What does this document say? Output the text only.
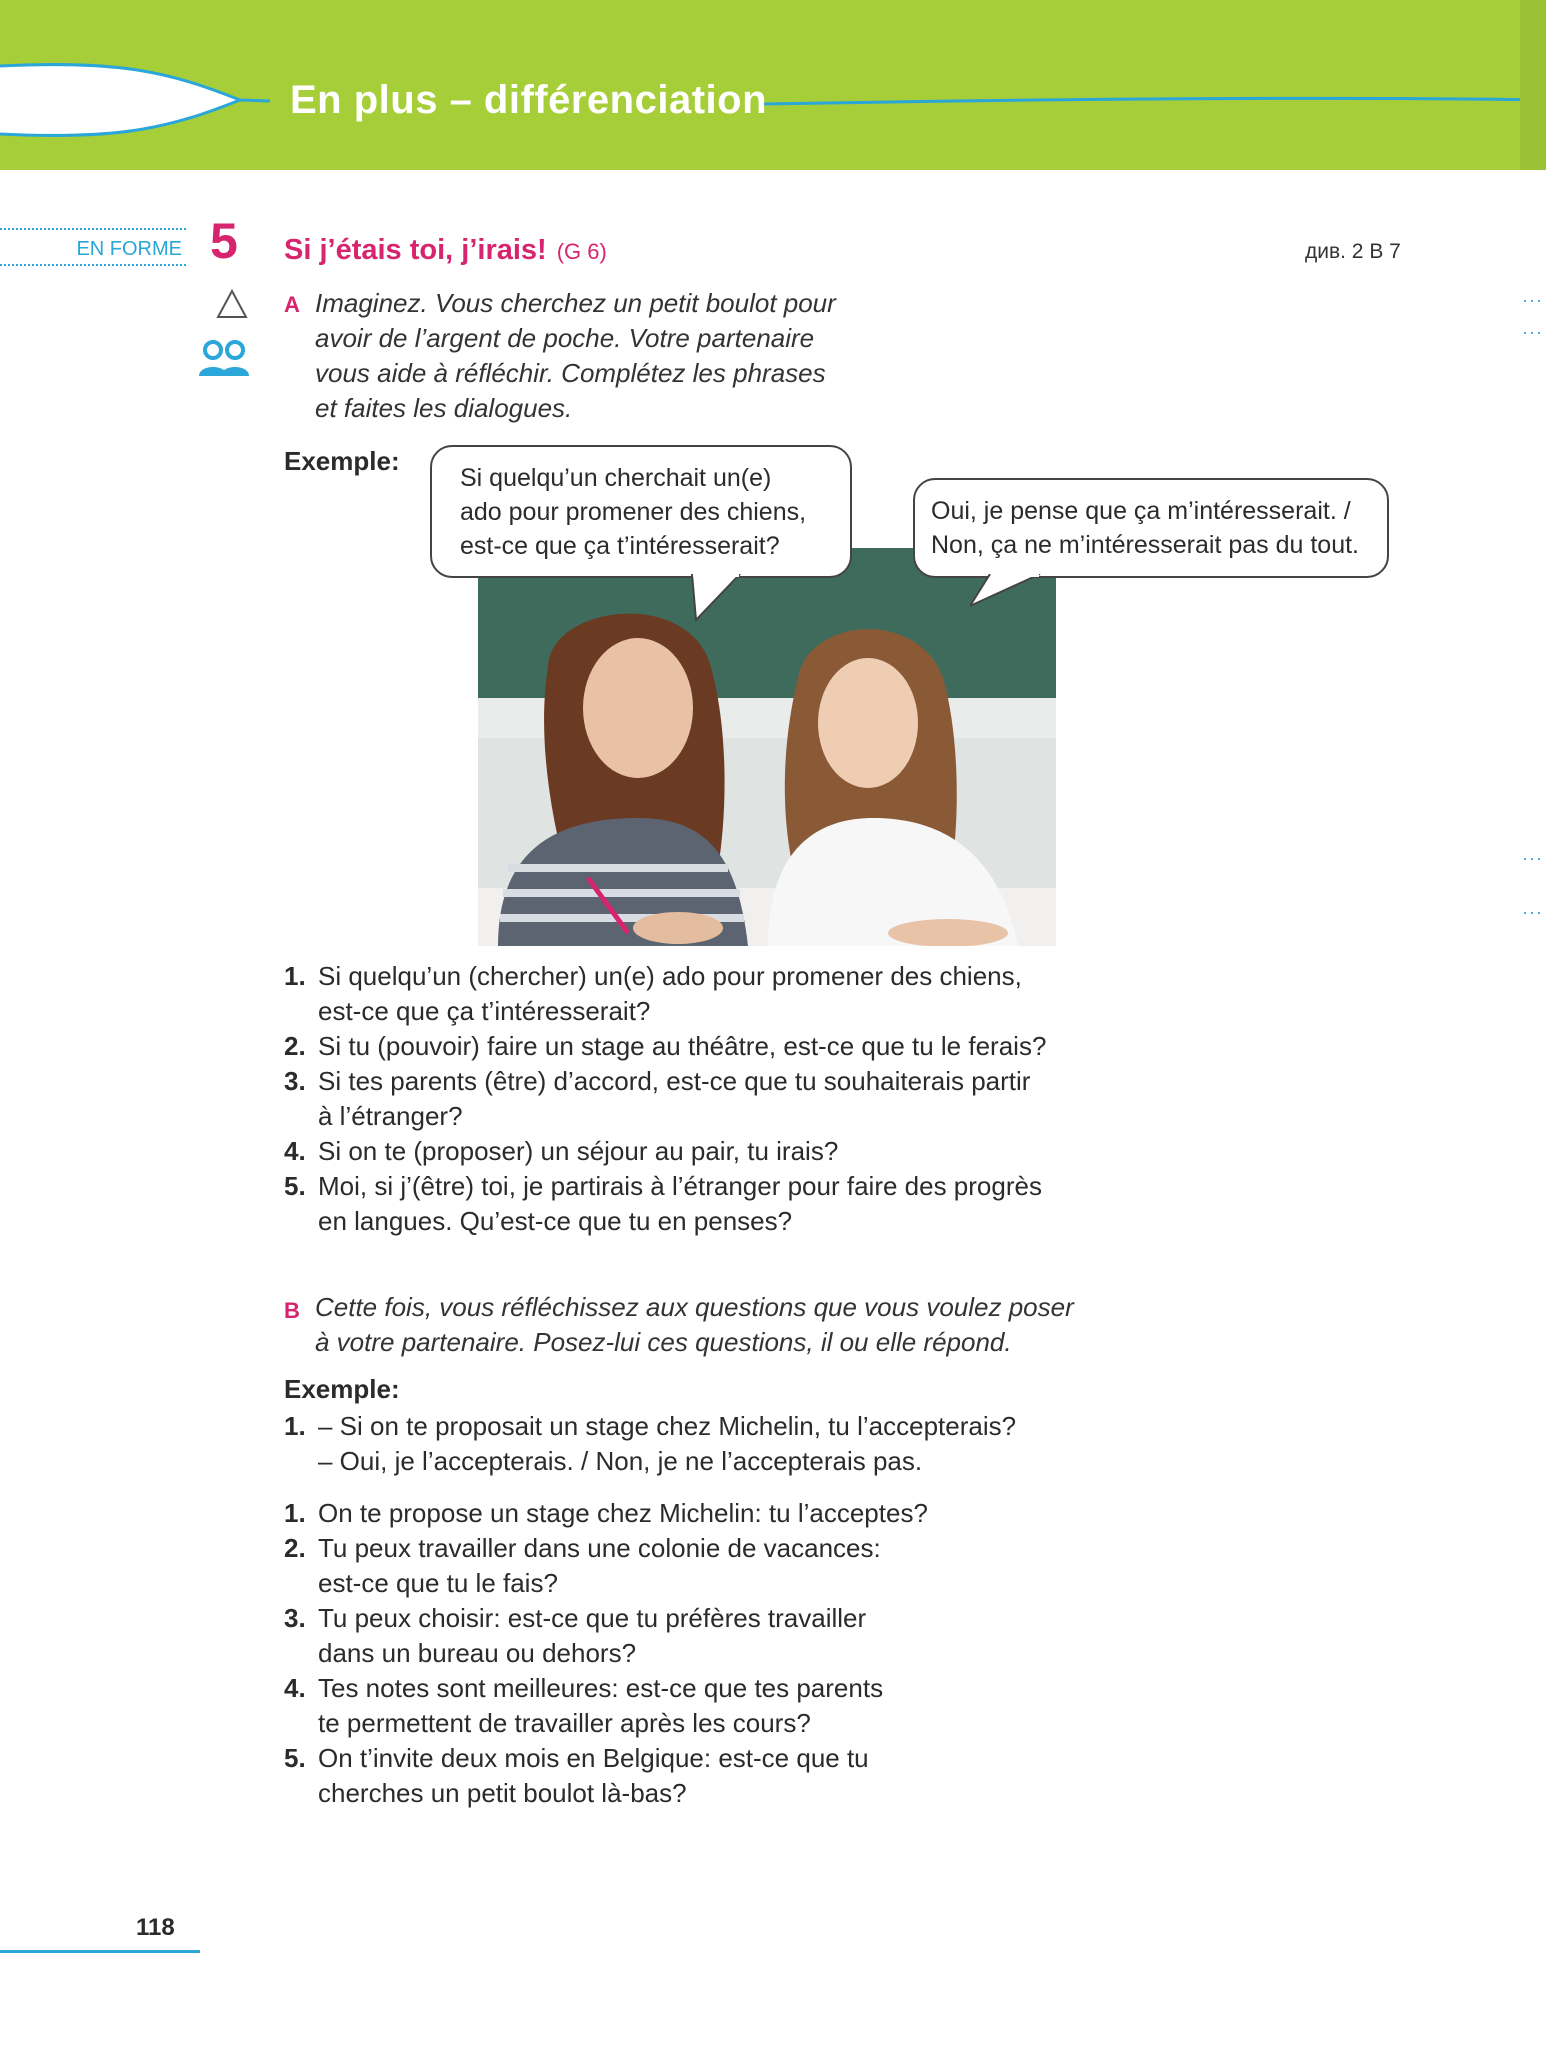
En plus – différenciation
EN FORME 5 Si j’étais toi, j’irais! (G 6)	див. 2 B 7
A Imaginez. Vous cherchez un petit boulot pour
avoir de l’argent de poche. Votre partenaire
vous aide à réfléchir. Complétez les phrases
et faites les dialogues.
Exemple:
Si quelqu’un cherchait un(e)
ado pour promener des chiens,
est-ce que ça t’intéresserait?
Oui, je pense que ça m’intéresserait. /
Non, ça ne m’intéresserait pas du tout.
1. Si quelqu’un (chercher) un(e) ado pour promener des chiens,
est-ce que ça t’intéresserait?
2. Si tu (pouvoir) faire un stage au théâtre, est-ce que tu le ferais?
3. Si tes parents (être) d’accord, est-ce que tu souhaiterais partir
à l’étranger?
4. Si on te (proposer) un séjour au pair, tu irais?
5. Moi, si j’(être) toi, je partirais à l’étranger pour faire des progrès
en langues. Qu’est-ce que tu en penses?
B Cette fois, vous réfléchissez aux questions que vous voulez poser
à votre partenaire. Posez-lui ces questions, il ou elle répond.
Exemple:
1. – Si on te proposait un stage chez Michelin, tu l’accepterais?
– Oui, je l’accepterais. / Non, je ne l’accepterais pas.
1. On te propose un stage chez Michelin: tu l’acceptes?
2. Tu peux travailler dans une colonie de vacances:
est-ce que tu le fais?
3. Tu peux choisir: est-ce que tu préfères travailler
dans un bureau ou dehors?
4. Tes notes sont meilleures: est-ce que tes parents
te permettent de travailler après les cours?
5. On t’invite deux mois en Belgique: est-ce que tu
cherches un petit boulot là-bas?
···
···
···
···
118
